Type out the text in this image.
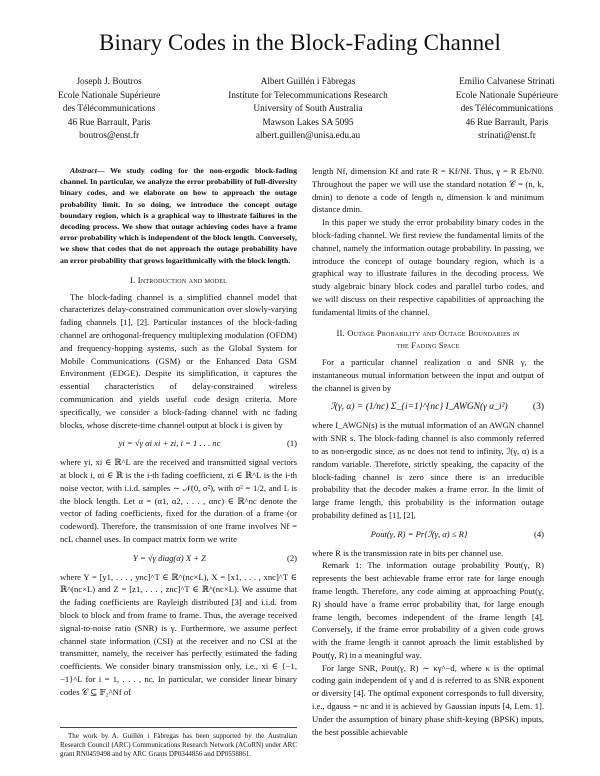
Binary Codes in the Block-Fading Channel
Joseph J. Boutros
Ecole Nationale Supérieure
des Télécommunications
46 Rue Barrault, Paris
boutros@enst.fr
Albert Guillén i Fàbregas
Institute for Telecommunications Research
University of South Australia
Mawson Lakes SA 5095
albert.guillen@unisa.edu.au
Emilio Calvanese Strinati
Ecole Nationale Supérieure
des Télécommunications
46 Rue Barrault, Paris
strinati@enst.fr

Abstract— We study coding for the non-ergodic block-fading channel. In particular, we analyze the error probability of full-diversity binary codes, and we elaborate on how to approach the outage probability limit. In so doing, we introduce the concept outage boundary region, which is a graphical way to illustrate failures in the decoding process. We show that outage achieving codes have a frame error probability which is independent of the block length. Conversely, we show that codes that do not approach the outage probability have an error probability that grows logarithmically with the block length.

I. Introduction and model

The block-fading channel is a simplified channel model that characterizes delay-constrained communication over slowly-varying fading channels [1], [2]. Particular instances of the block-fading channel are orthogonal-frequency multiplexing modulation (OFDM) and frequency-hopping systems, such as the Global System for Mobile Communications (GSM) or the Enhanced Data GSM Environment (EDGE). Despite its simplification, it captures the essential characteristics of delay-constrained wireless communication and yields useful code design criteria. More specifically, we consider a block-fading channel with nc fading blocks, whose discrete-time channel output at block i is given by

yi = √γ αi xi + zi, i = 1 . . . nc	(1)

where yi, xi ∈ ℝ^L are the received and transmitted signal vectors at block i, αi ∈ ℝ is the i-th fading coefficient, zi ∈ ℝ^L is the i-th noise vector, with i.i.d. samples ∼ 𝒩(0, σ²), with σ² = 1/2, and L is the block length. Let α = (α1, α2, . . . , αnc) ∈ ℝ^nc denote the vector of fading coefficients, fixed for the duration of a frame (or codeword). Therefore, the transmission of one frame involves Nf = ncL channel uses. In compact matrix form we write

Y = √γ diag(α) X + Z	(2)

where Y = [y1, . . . , ync]^T ∈ ℝ^(nc×L), X = [x1, . . . , xnc]^T ∈ ℝ^(nc×L) and Z = [z1, . . . , znc]^T ∈ ℝ^(nc×L). We assume that the fading coefficients are Rayleigh distributed [3] and i.i.d. from block to block and from frame to frame. Thus, the average received signal-to-noise ratio (SNR) is γ. Furthermore, we assume perfect channel state information (CSI) at the receiver and no CSI at the transmitter, namely, the receiver has perfectly estimated the fading coefficients. We consider binary transmission only, i.e., xi ∈ {−1, −1}^L for i = 1, . . . , nc. In particular, we consider linear binary codes 𝒞 ⊆ 𝔽₂^Nf of

The work by A. Guillén i Fàbregas has been supported by the Australian Research Council (ARC) Communications Research Network (ACoRN) under ARC grant RN0459498 and by ARC Grants DP0344856 and DP0558861.

length Nf, dimension Kf and rate R = Kf/Nf. Thus, γ = R Eb/N0. Throughout the paper we will use the standard notation 𝒞 = (n, k, dmin) to denote a code of length n, dimension k and minimum distance dmin.

In this paper we study the error probability binary codes in the block-fading channel. We first review the fundamental limits of the channel, namely the information outage probability. In passing, we introduce the concept of outage boundary region, which is a graphical way to illustrate failures in the decoding process. We study algebraic binary block codes and parallel turbo codes, and we will discuss on their respective capabilities of approaching the fundamental limits of the channel.

II. Outage Probability and Outage Boundaries in
the Fading Space

For a particular channel realization α and SNR γ, the instantaneous mutual information between the input and output of the channel is given by

ℐ(γ, α) = (1/nc) Σ_{i=1}^{nc} I_AWGN(γ α_i²)	(3)

where I_AWGN(s) is the mutual information of an AWGN channel with SNR s. The block-fading channel is also commonly referred to as non-ergodic since, as nc does not tend to infinity, ℐ(γ, α) is a random variable. Therefore, strictly speaking, the capacity of the block-fading channel is zero since there is an irreducible probability that the decoder makes a frame error. In the limit of large frame length, this probability is the information outage probability defined as [1], [2],

Pout(γ, R) = Pr{ℐ(γ, α) ≤ R}	(4)

where R is the transmission rate in bits per channel use.

Remark 1: The information outage probability Pout(γ, R) represents the best achievable frame error rate for large enough frame length. Therefore, any code aiming at approaching Pout(γ, R) should have a frame error probability that, for large enough frame length, becomes independent of the frame length [4]. Conversely, if the frame error probability of a given code grows with the frame length it cannot aproach the limit established by Pout(γ, R) in a meaningful way.

For large SNR, Pout(γ, R) ∼ κγ^−d, where κ is the optimal coding gain independent of γ and d is referred to as SNR exponent or diversity [4]. The optimal exponent corresponds to full diversity, i.e., dgauss = nc and it is achieved by Gaussian inputs [4, Lem. 1]. Under the assumption of binary phase shift-keying (BPSK) inputs, the best possible achievable
